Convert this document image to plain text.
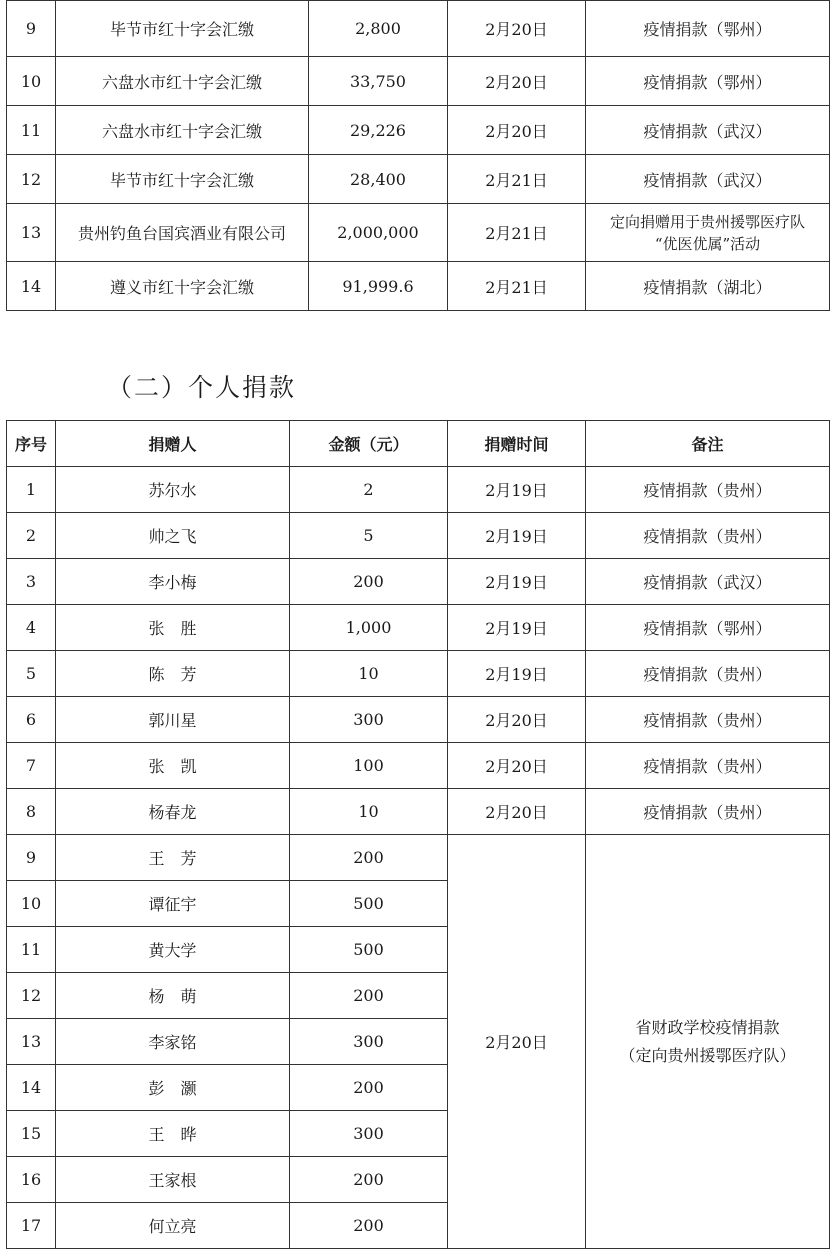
9	毕节市红十字会汇缴	2,800	2月20日	疫情捐款（鄂州）
10	六盘水市红十字会汇缴	33,750	2月20日	疫情捐款（鄂州）
11	六盘水市红十字会汇缴	29,226	2月20日	疫情捐款（武汉）
12	毕节市红十字会汇缴	28,400	2月21日	疫情捐款（武汉）
13	贵州钓鱼台国宾酒业有限公司	2,000,000	2月21日	定向捐赠用于贵州援鄂医疗队
“优医优属”活动

14	遵义市红十字会汇缴	91,999.6	2月21日	疫情捐款（湖北）
（二）个人捐款
序号	捐赠人	金额（元）	捐赠时间	备注
1	苏尔水	2	2月19日	疫情捐款（贵州）
2	帅之飞	5	2月19日	疫情捐款（贵州）
3	李小梅	200	2月19日	疫情捐款（武汉）
4	张　胜	1,000	2月19日	疫情捐款（鄂州）
5	陈　芳	10	2月19日	疫情捐款（贵州）
6	郭川星	300	2月20日	疫情捐款（贵州）
7	张　凯	100	2月20日	疫情捐款（贵州）
8	杨春龙	10	2月20日	疫情捐款（贵州）
9	王　芳	200	2月20日	省财政学校疫情捐款
（定向贵州援鄂医疗队）

10	谭征宇	500		
11	黄大学	500		
12	杨　萌	200		
13	李家铭	300		
14	彭　灏	200		
15	王　晔	300		
16	王家根	200		
17	何立亮	200		
